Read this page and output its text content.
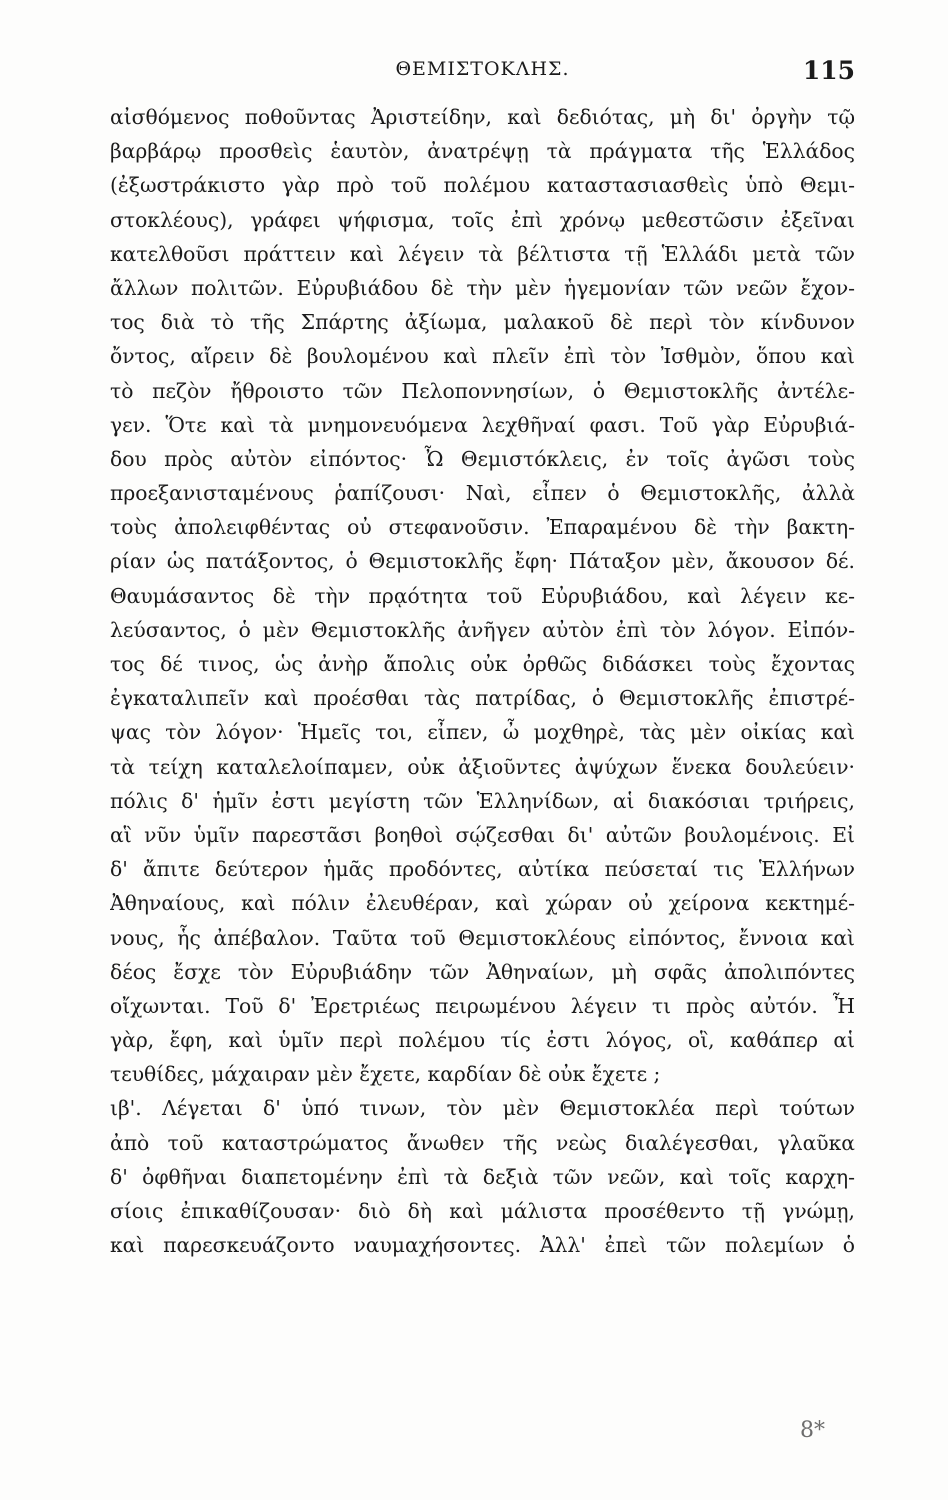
ΘΕΜΙΣΤΟΚΛΗΣ.	115
αἰσθόμενος ποθοῦντας Ἀριστείδην, καὶ δεδιότας, μὴ δι' ὀργὴν τῷ
βαρβάρῳ προσθεὶς ἑαυτὸν, ἀνατρέψῃ τὰ πράγματα τῆς Ἑλλάδος
(ἐξωστράκιστο γὰρ πρὸ τοῦ πολέμου καταστασιασθεὶς ὑπὸ Θεμι-
στοκλέους), γράφει ψήφισμα, τοῖς ἐπὶ χρόνῳ μεθεστῶσιν ἐξεῖναι
κατελθοῦσι πράττειν καὶ λέγειν τὰ βέλτιστα τῇ Ἑλλάδι μετὰ τῶν
ἄλλων πολιτῶν. Εὐρυβιάδου δὲ τὴν μὲν ἡγεμονίαν τῶν νεῶν ἔχον-
τος διὰ τὸ τῆς Σπάρτης ἀξίωμα, μαλακοῦ δὲ περὶ τὸν κίνδυνον
ὄντος, αἴρειν δὲ βουλομένου καὶ πλεῖν ἐπὶ τὸν Ἰσθμὸν, ὅπου καὶ
τὸ πεζὸν ἤθροιστο τῶν Πελοποννησίων, ὁ Θεμιστοκλῆς ἀντέλε-
γεν. Ὅτε καὶ τὰ μνημονευόμενα λεχθῆναί φασι. Τοῦ γὰρ Εὐρυβιά-
δου πρὸς αὐτὸν εἰπόντος· Ὦ Θεμιστόκλεις, ἐν τοῖς ἀγῶσι τοὺς
προεξανισταμένους ῥαπίζουσι· Ναὶ, εἶπεν ὁ Θεμιστοκλῆς, ἀλλὰ
τοὺς ἀπολειφθέντας οὐ στεφανοῦσιν. Ἐπαραμένου δὲ τὴν βακτη-
ρίαν ὡς πατάξοντος, ὁ Θεμιστοκλῆς ἔφη· Πάταξον μὲν, ἄκουσον δέ.
Θαυμάσαντος δὲ τὴν πρᾳότητα τοῦ Εὐρυβιάδου, καὶ λέγειν κε-
λεύσαντος, ὁ μὲν Θεμιστοκλῆς ἀνῆγεν αὐτὸν ἐπὶ τὸν λόγον. Εἰπόν-
τος δέ τινος, ὡς ἀνὴρ ἄπολις οὐκ ὀρθῶς διδάσκει τοὺς ἔχοντας
ἐγκαταλιπεῖν καὶ προέσθαι τὰς πατρίδας, ὁ Θεμιστοκλῆς ἐπιστρέ-
ψας τὸν λόγον· Ἡμεῖς τοι, εἶπεν, ὦ μοχθηρὲ, τὰς μὲν οἰκίας καὶ
τὰ τείχη καταλελοίπαμεν, οὐκ ἀξιοῦντες ἀψύχων ἕνεκα δουλεύειν·
πόλις δ' ἡμῖν ἐστι μεγίστη τῶν Ἑλληνίδων, αἱ διακόσιαι τριήρεις,
αἳ νῦν ὑμῖν παρεστᾶσι βοηθοὶ σῴζεσθαι δι' αὐτῶν βουλομένοις. Εἰ
δ' ἄπιτε δεύτερον ἡμᾶς προδόντες, αὐτίκα πεύσεταί τις Ἑλλήνων
Ἀθηναίους, καὶ πόλιν ἐλευθέραν, καὶ χώραν οὐ χείρονα κεκτημέ-
νους, ἧς ἀπέβαλον. Ταῦτα τοῦ Θεμιστοκλέους εἰπόντος, ἔννοια καὶ
δέος ἔσχε τὸν Εὐρυβιάδην τῶν Ἀθηναίων, μὴ σφᾶς ἀπολιπόντες
οἴχωνται. Τοῦ δ' Ἐρετριέως πειρωμένου λέγειν τι πρὸς αὐτόν. Ἦ
γὰρ, ἔφη, καὶ ὑμῖν περὶ πολέμου τίς ἐστι λόγος, οἳ, καθάπερ αἱ
τευθίδες, μάχαιραν μὲν ἔχετε, καρδίαν δὲ οὐκ ἔχετε ;
ιβ'. Λέγεται δ' ὑπό τινων, τὸν μὲν Θεμιστοκλέα περὶ τούτων
ἀπὸ τοῦ καταστρώματος ἄνωθεν τῆς νεὼς διαλέγεσθαι, γλαῦκα
δ' ὀφθῆναι διαπετομένην ἐπὶ τὰ δεξιὰ τῶν νεῶν, καὶ τοῖς καρχη-
σίοις ἐπικαθίζουσαν· διὸ δὴ καὶ μάλιστα προσέθεντο τῇ γνώμῃ,
καὶ παρεσκευάζοντο ναυμαχήσοντες. Ἀλλ' ἐπεὶ τῶν πολεμίων ὁ
8*
